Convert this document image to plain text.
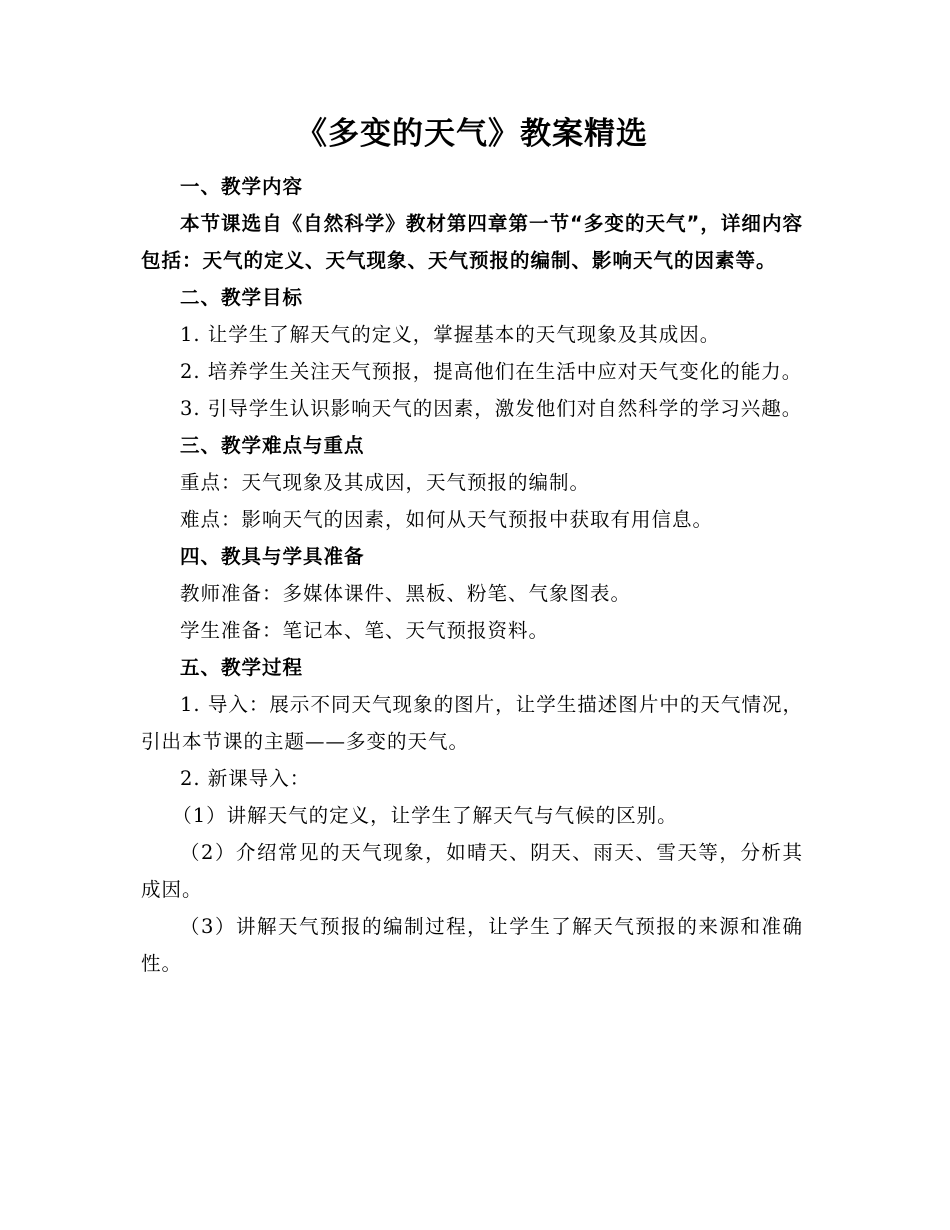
《多变的天气》教案精选

一、教学内容

本节课选自《自然科学》教材第四章第一节“多变的天气”，详细内容包括：天气的定义、天气现象、天气预报的编制、影响天气的因素等。

二、教学目标

1. 让学生了解天气的定义，掌握基本的天气现象及其成因。

2. 培养学生关注天气预报，提高他们在生活中应对天气变化的能力。

3. 引导学生认识影响天气的因素，激发他们对自然科学的学习兴趣。

三、教学难点与重点

重点：天气现象及其成因，天气预报的编制。

难点：影响天气的因素，如何从天气预报中获取有用信息。

四、教具与学具准备

教师准备：多媒体课件、黑板、粉笔、气象图表。

学生准备：笔记本、笔、天气预报资料。

五、教学过程

1. 导入：展示不同天气现象的图片，让学生描述图片中的天气情况，引出本节课的主题——多变的天气。

2. 新课导入：

（1）讲解天气的定义，让学生了解天气与气候的区别。

（2）介绍常见的天气现象，如晴天、阴天、雨天、雪天等，分析其成因。

（3）讲解天气预报的编制过程，让学生了解天气预报的来源和准确性。
